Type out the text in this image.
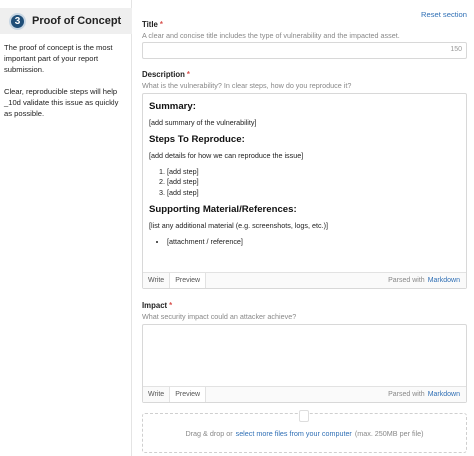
3	Proof of Concept

The proof of concept is the most important part of your report submission.

Clear, reproducible steps will help _10d validate this issue as quickly as possible.

Reset section
Title *
A clear and concise title includes the type of vulnerability and the impacted asset.
150
Description *
What is the vulnerability? In clear steps, how do you reproduce it?
Summary:
[add summary of the vulnerability]
Steps To Reproduce:
[add details for how we can reproduce the issue]
1. [add step]
2. [add step]
3. [add step]
Supporting Material/References:
[list any additional material (e.g. screenshots, logs, etc.)]
• [attachment / reference]
Write	Preview	Parsed with Markdown
Impact *
What security impact could an attacker achieve?
Write	Preview	Parsed with Markdown
Drag & drop or select more files from your computer (max. 250MB per file)
